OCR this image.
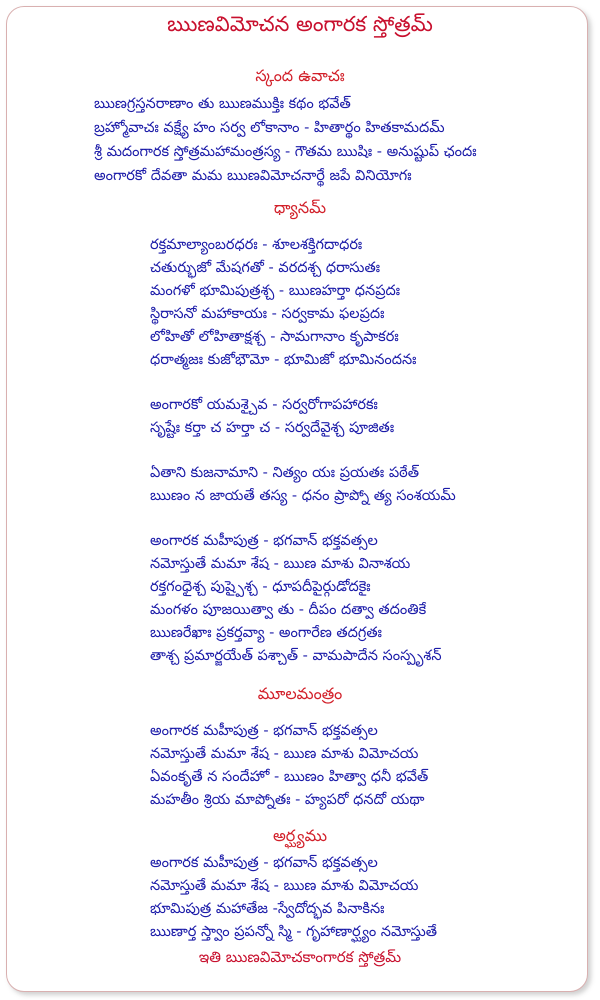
ఋణవిమోచన అంగారక స్తోత్రమ్
స్కంద ఉవాచః
ఋణగ్రస్తనరాణాం తు ఋణముక్తిః కథం భవేత్
బ్రహ్మోవాచః వక్ష్యే హం సర్వ లోకానాం - హితార్థం హితకామదమ్
శ్రీ మదంగారక స్తోత్రమహామంత్రస్య - గౌతమ ఋషిః - అనుష్టుప్ ఛందః
అంగారకో దేవతా మమ ఋణవిమోచనార్థే జపే వినియోగః
ధ్యానమ్
రక్తమాల్యాంబరధరః - శూలశక్తిగదాధరః
చతుర్భుజో మేషగతో - వరదశ్చ ధరాసుతః
మంగళో భూమిపుత్రశ్చ - ఋణహర్తా ధనప్రదః
స్థిరాసనో మహాకాయః - సర్వకామ ఫలప్రదః
లోహితో లోహితాక్షశ్చ - సామగానాం కృపాకరః
ధరాత్మజః కుజోభౌమో - భూమిజో భూమినందనః
అంగారకో యమశ్చైవ - సర్వరోగాపహారకః
సృష్టేః కర్తా చ హర్తా చ - సర్వదేవైశ్చ పూజితః
ఏతాని కుజనామాని - నిత్యం యః ప్రయతః పఠేత్
ఋణం న జాయతే తస్య - ధనం ప్రాప్నో త్య సంశయమ్
అంగారక మహీపుత్ర - భగవాన్ భక్తవత్సల
నమోస్తుతే మమా శేష - ఋణ మాశు వినాశయ
రక్తగంధైశ్చ పుష్పైశ్చ - ధూపదీపైర్గుడోదకైః
మంగళం పూజయిత్వా తు - దీపం దత్వా తదంతికే
ఋణరేఖాః ప్రకర్తవ్యా - అంగారేణ తదగ్రతః
తాశ్చ ప్రమార్జయేత్ పశ్చాత్ - వామపాదేన సంస్పృశన్
మూలమంత్రం
అంగారక మహీపుత్ర - భగవాన్ భక్తవత్సల
నమోస్తుతే మమా శేష - ఋణ మాశు విమోచయ
ఏవంకృతే న సందేహో - ఋణం హిత్వా ధనీ భవేత్
మహతీం శ్రియ మాప్నోతః - హ్యపరో ధనదో యథా
అర్ఘ్యము
అంగారక మహీపుత్ర - భగవాన్ భక్తవత్సల
నమోస్తుతే మమా శేష - ఋణ మాశు విమోచయ
భూమిపుత్ర మహాతేజ -స్వేదోద్భవ పినాకినః
ఋణార్త స్త్వాం ప్రపన్నో స్మి - గృహాణార్ఘ్యం నమోస్తుతే
ఇతి ఋణవిమోచకాంగారక స్తోత్రమ్
